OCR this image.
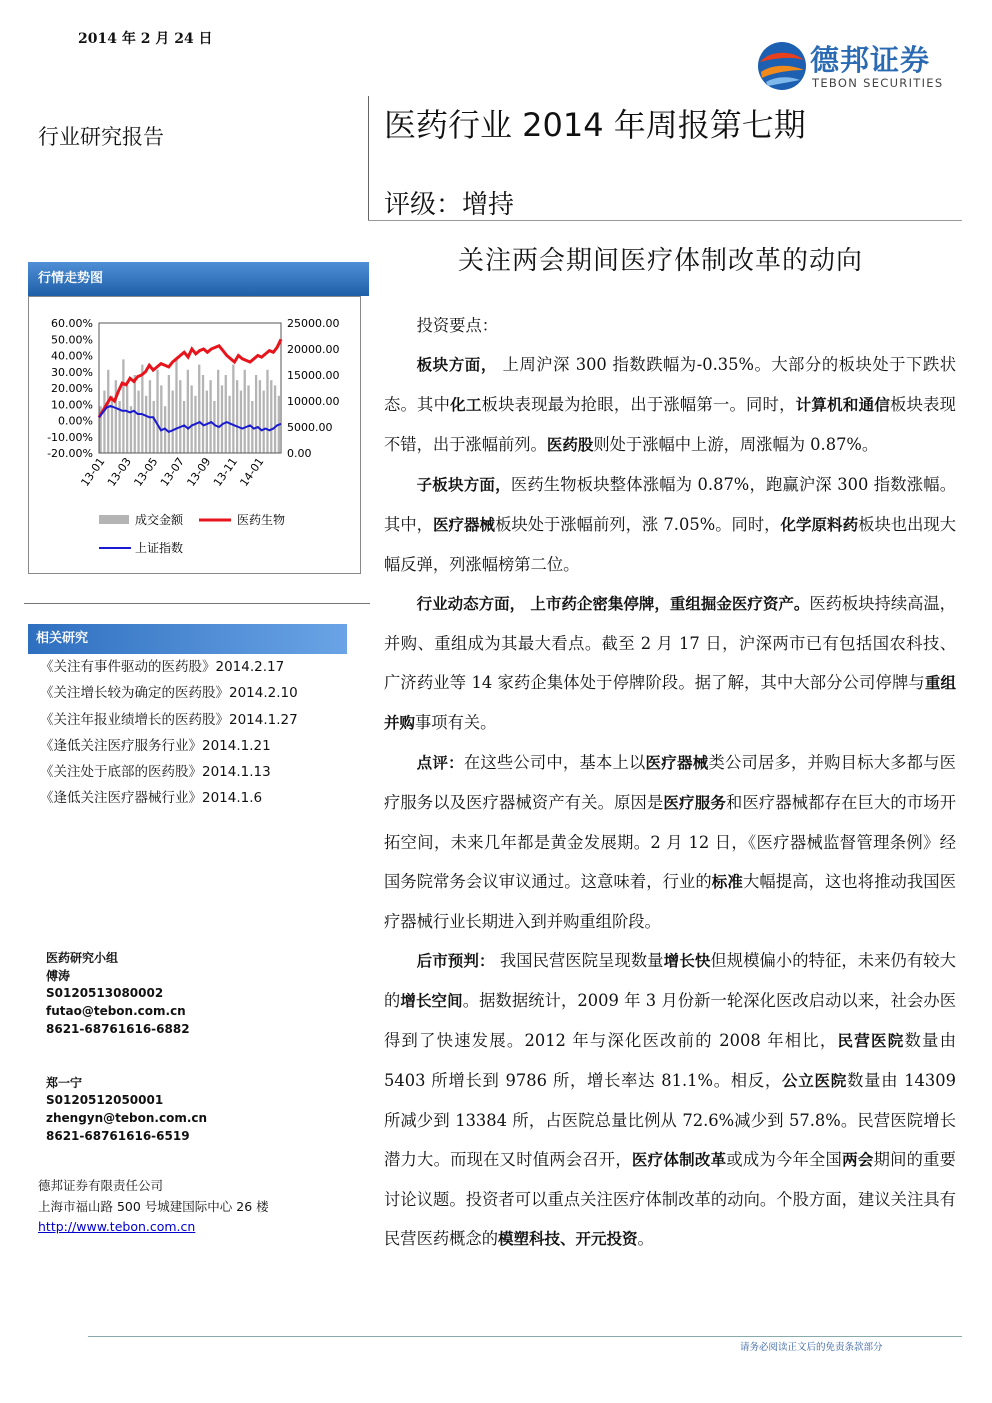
2014 年 2 月 24 日
德邦证券
TEBON SECURITIES
行业研究报告	医药行业 2014 年周报第七期
评级：增持
关注两会期间医疗体制改革的动向
行情走势图
60.00%
50.00%
40.00%
30.00%
20.00%
10.00%
0.00%
-10.00%
-20.00%
25000.00
20000.00
15000.00
10000.00
5000.00
0.00
13-01
13-03
13-05
13-07
13-09
13-11
14-01
成交金额	医药生物
上证指数
相关研究
《关注有事件驱动的医药股》2014.2.17
《关注增长较为确定的医药股》2014.2.10
《关注年报业绩增长的医药股》2014.1.27
《逢低关注医疗服务行业》2014.1.21
《关注处于底部的医药股》2014.1.13
《逢低关注医疗器械行业》2014.1.6
医药研究小组
傅涛
S0120513080002
futao@tebon.com.cn
8621-68761616-6882
郑一宁
S0120512050001
zhengyn@tebon.com.cn
8621-68761616-6519
德邦证券有限责任公司
上海市福山路 500 号城建国际中心 26 楼
http://www.tebon.com.cn

投资要点：

板块方面， 上周沪深 300 指数跌幅为-0.35%。大部分的板块处于下跌状态。其中化工板块表现最为抢眼，出于涨幅第一。同时，计算机和通信板块表现不错，出于涨幅前列。医药股则处于涨幅中上游，周涨幅为 0.87%。

子板块方面，医药生物板块整体涨幅为 0.87%，跑赢沪深 300 指数涨幅。其中，医疗器械板块处于涨幅前列，涨 7.05%。同时，化学原料药板块也出现大幅反弹，列涨幅榜第二位。

行业动态方面， 上市药企密集停牌，重组掘金医疗资产。医药板块持续高温，并购、重组成为其最大看点。截至 2 月 17 日，沪深两市已有包括国农科技、广济药业等 14 家药企集体处于停牌阶段。据了解，其中大部分公司停牌与重组并购事项有关。

点评：在这些公司中，基本上以医疗器械类公司居多，并购目标大多都与医疗服务以及医疗器械资产有关。原因是医疗服务和医疗器械都存在巨大的市场开拓空间，未来几年都是黄金发展期。2 月 12 日，《医疗器械监督管理条例》经国务院常务会议审议通过。这意味着，行业的标准大幅提高，这也将推动我国医疗器械行业长期进入到并购重组阶段。

后市预判： 我国民营医院呈现数量增长快但规模偏小的特征，未来仍有较大的增长空间。据数据统计，2009 年 3 月份新一轮深化医改启动以来，社会办医得到了快速发展。2012 年与深化医改前的 2008 年相比，民营医院数量由 5403 所增长到 9786 所，增长率达 81.1%。相反，公立医院数量由 14309 所减少到 13384 所，占医院总量比例从 72.6%减少到 57.8%。民营医院增长潜力大。而现在又时值两会召开，医疗体制改革或成为今年全国两会期间的重要讨论议题。投资者可以重点关注医疗体制改革的动向。个股方面，建议关注具有民营医药概念的模塑科技、开元投资。

请务必阅读正文后的免责条款部分
